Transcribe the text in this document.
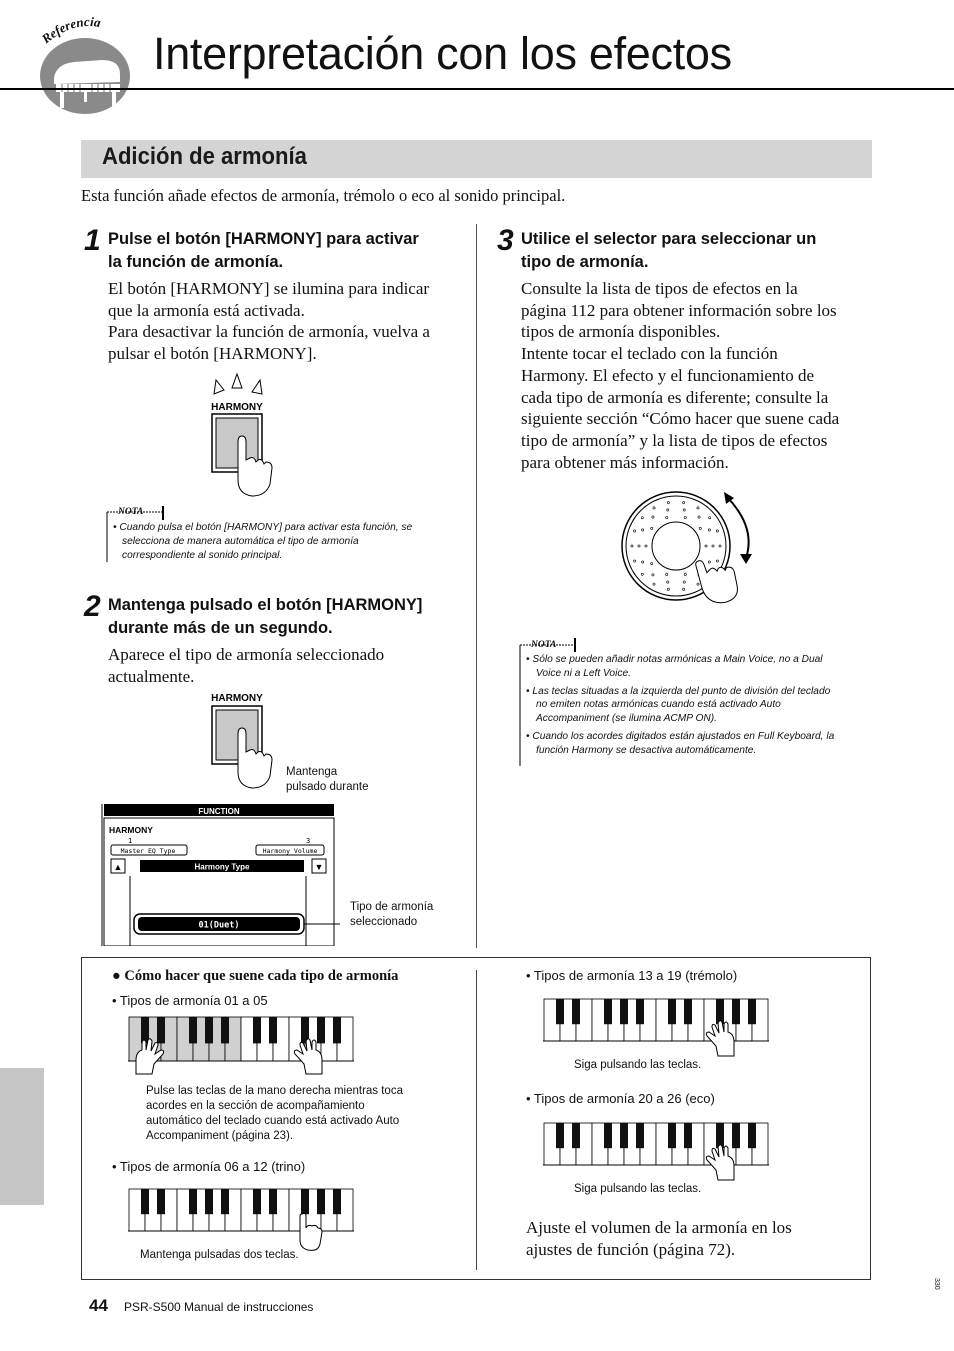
Referencia
Interpretación con los efectos
Adición de armonía
Esta función añade efectos de armonía, trémolo o eco al sonido principal.
1 Pulse el botón [HARMONY] para activar
la función de armonía.
El botón [HARMONY] se ilumina para indicar
que la armonía está activada.
Para desactivar la función de armonía, vuelva a
pulsar el botón [HARMONY].
HARMONY
NOTA
• Cuando pulsa el botón [HARMONY] para activar esta función, se
selecciona de manera automática el tipo de armonía
correspondiente al sonido principal.
2 Mantenga pulsado el botón [HARMONY]
durante más de un segundo.
Aparece el tipo de armonía seleccionado
actualmente.
HARMONY
Mantenga
pulsado durante
FUNCTION
HARMONY
1	3
Master EQ Type	Harmony Volume
▲	▼
Harmony Type
01(Duet)
Tipo de armonía
seleccionado
3 Utilice el selector para seleccionar un
tipo de armonía.
Consulte la lista de tipos de efectos en la
página 112 para obtener información sobre los
tipos de armonía disponibles.
Intente tocar el teclado con la función
Harmony. El efecto y el funcionamiento de
cada tipo de armonía es diferente; consulte la
siguiente sección “Cómo hacer que suene cada
tipo de armonía” y la lista de tipos de efectos
para obtener más información.
NOTA
• Sólo se pueden añadir notas armónicas a Main Voice, no a Dual
Voice ni a Left Voice.
• Las teclas situadas a la izquierda del punto de división del teclado
no emiten notas armónicas cuando está activado Auto
Accompaniment (se ilumina ACMP ON).
• Cuando los acordes digitados están ajustados en Full Keyboard, la
función Harmony se desactiva automáticamente.
● Cómo hacer que suene cada tipo de armonía
• Tipos de armonía 01 a 05
Pulse las teclas de la mano derecha mientras toca
acordes en la sección de acompañamiento
automático del teclado cuando está activado Auto
Accompaniment (página 23).
• Tipos de armonía 06 a 12 (trino)
Mantenga pulsadas dos teclas.
• Tipos de armonía 13 a 19 (trémolo)
Siga pulsando las teclas.
• Tipos de armonía 20 a 26 (eco)
Siga pulsando las teclas.
Ajuste el volumen de la armonía en los
ajustes de función (página 72).
44 PSR-S500 Manual de instrucciones
330
